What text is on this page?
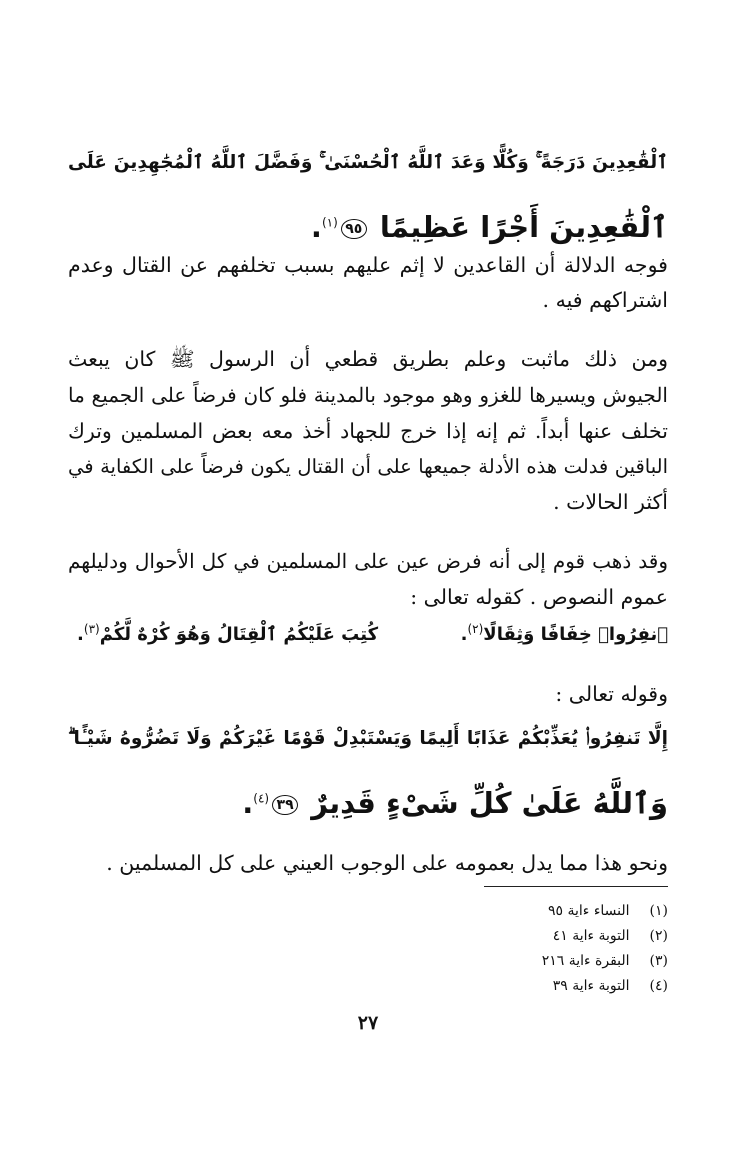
ٱلْقَٰعِدِينَ دَرَجَةً ۚ وَكُلًّا وَعَدَ ٱللَّهُ ٱلْحُسْنَىٰ ۚ وَفَضَّلَ ٱللَّهُ ٱلْمُجَٰهِدِينَ عَلَى
ٱلْقَٰعِدِينَ أَجْرًا عَظِيمًا ٩٥$^{(١)}$.
فوجه الدلالة أن القاعدين لا إثم عليهم بسبب تخلفهم عن القتال وعدم
اشتراكهم فيه .
ومن ذلك ماثبت وعلم بطريق قطعي أن الرسول ﷺ كان يبعث
الجيوش ويسيرها للغزو وهو موجود بالمدينة فلو كان فرضاً على الجميع ما
تخلف عنها أبداً. ثم إنه إذا خرج للجهاد أخذ معه بعض المسلمين وترك
الباقين فدلت هذه الأدلة جميعها على أن القتال يكون فرضاً على الكفاية في
أكثر الحالات .
وقد ذهب قوم إلى أنه فرض عين على المسلمين في كل الأحوال ودليلهم
عموم النصوص . كقوله تعالى :
ٱنفِرُوا۟ خِفَافًا وَثِقَالًا$^{(٢)}$.  كُتِبَ عَلَيْكُمُ ٱلْقِتَالُ وَهُوَ كُرْهٌ لَّكُمْ$^{(٣)}$.
وقوله تعالى :
إِلَّا تَنفِرُوا۟ يُعَذِّبْكُمْ عَذَابًا أَلِيمًا وَيَسْتَبْدِلْ قَوْمًا غَيْرَكُمْ وَلَا تَضُرُّوهُ شَيْـًٔا ۗ
وَٱللَّهُ عَلَىٰ كُلِّ شَىْءٍ قَدِيرٌ ٣٩$^{(٤)}$.
ونحو هذا مما يدل بعمومه على الوجوب العيني على كل المسلمين .
(١) النساء ءاية ٩٥
(٢) التوبة ءاية ٤١
(٣) البقرة ءاية ٢١٦
(٤) التوبة ءاية ٣٩
٢٧
